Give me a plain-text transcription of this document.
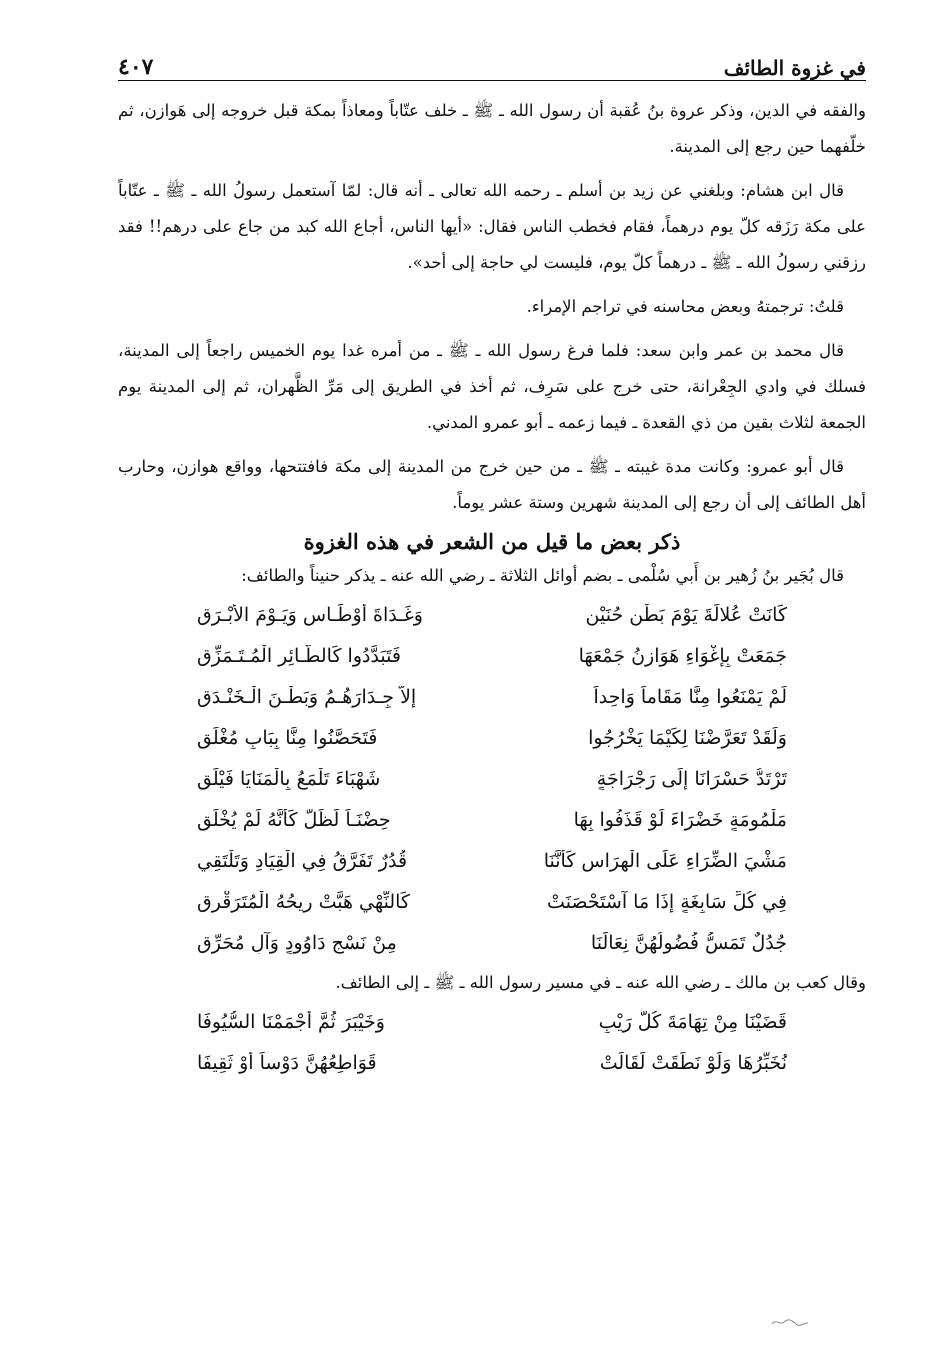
في غزوة الطائف
٤٠٧

والفقه في الدين، وذكر عروة بنُ عُقبة أن رسول الله ـ ﷺ ـ خلف عتّاباً ومعاذاً بمكة قبل خروجه إلى هَوازن، ثم خلّفهما حين رجع إلى المدينة.

قال ابن هشام: وبلغني عن زيد بن أسلم ـ رحمه الله تعالى ـ أنه قال: لمّا آستعمل رسولُ الله ـ ﷺ ـ عتّاباً على مكة رَزَقه كلّ يوم درهماً، فقام فخطب الناس فقال: «أيها الناس، أجاع الله كبد من جاع على درهم!! فقد رزقني رسولُ الله ـ ﷺ ـ درهماً كلّ يوم، فليست لي حاجة إلى أحد».

قلتُ: ترجمتهُ وبعض محاسنه في تراجم الإمراء.

قال محمد بن عمر وابن سعد: فلما فرغ رسول الله ـ ﷺ ـ من أمره غدا يوم الخميس راجعاً إلى المدينة، فسلك في وادي الجِعْرانة، حتى خرج على سَرِف، ثم أخذ في الطريق إلى مَرِّ الظَّهران، ثم إلى المدينة يوم الجمعة لثلاث بقين من ذي القعدة ـ فيما زعمه ـ أبو عمرو المدني.

قال أبو عمرو: وكانت مدة غيبته ـ ﷺ ـ من حين خرج من المدينة إلى مكة فافتتحها، وواقع هوازن، وحارب أهل الطائف إلى أن رجع إلى المدينة شهرين وستة عشر يوماً.

ذكر بعض ما قيل من الشعر في هذه الغزوة
قال بُجَير بنُ زُهير بن أَبي سُلْمى ـ بضم أوائل الثلاثة ـ رضي الله عنه ـ يذكر حنيناً والطائف:
كَانَتْ عُلالَةَ يَوْمَ بَطْنِ حُنَيْنٍ
وَغَـدَاةَ أَوْطَـاسٍ وَيَـوْمَ الأَبْـرَقِ
جَمَعَتْ بِإِغْوَاءِ هَوَازِنُ جَمْعَهَا
فَتَبَدَّدُوا كَالطَّـائِرِ الْمُـتَـمَزِّقِ
لَمْ يَمْنَعُوا مِنَّا مَقَاماً وَاحِداً
إلاَّ جِـدَارَهُـمُ وَبَطْـنَ الْـخَنْـدَقِ
وَلَقَدْ تَعَرَّضْنَا لِكَيْمَا يَخْرُجُوا
فَتَحَصَّنُوا مِنَّا بِبَابٍ مُغْلَقِ
تَرْتَدُّ حَسْرَانَا إِلَى رَجْرَاجَةٍ
شَهْبَاءَ تَلْمَعُ بِالْمَنَايَا فَيْلَقِ
مَلْمُومَةٍ خَضْرَاءَ لَوْ قَذَفُوا بِهَا
حِضْنَـاً لَظَلَّ كَأَنَّهُ لَمْ يُخْلَقِ
مَشْيَ الضِّرَاءِ عَلَى الْهِرَاسِ كَأَنَّنَا
قُدُرٌ تَفَرَّقُ فِي الْقِيَادِ وَتَلْتَقِي
فِي كُلِّ سَابِغَةٍ إِذَا مَا آسْتَحْصَنَتْ
كَالنِّهْيِ هَبَّتْ رِيحُهُ الْمُتَرَقْرِقِ
جُدُلٌ تَمَسُّ فُضُولُهُنَّ نِعَالَنَا
مِنْ نَسْجِ دَاوُودٍ وَآلِ مُحَرِّقِ
وقال كعب بن مالك ـ رضي الله عنه ـ في مسير رسول الله ـ ﷺ ـ إلى الطائف.
قَضَيْنَا مِنْ تِهَامَةَ كُلَّ رَيْبٍ
وَخَيْبَرَ ثُمَّ أَجْمَمْنَا السُّيُوفَا
نُخَبِّرُهَا وَلَوْ نَطَقَتْ لَقَالَتْ
قَوَاطِعُهُنَّ دَوْساً أَوْ ثَقِيفَا
